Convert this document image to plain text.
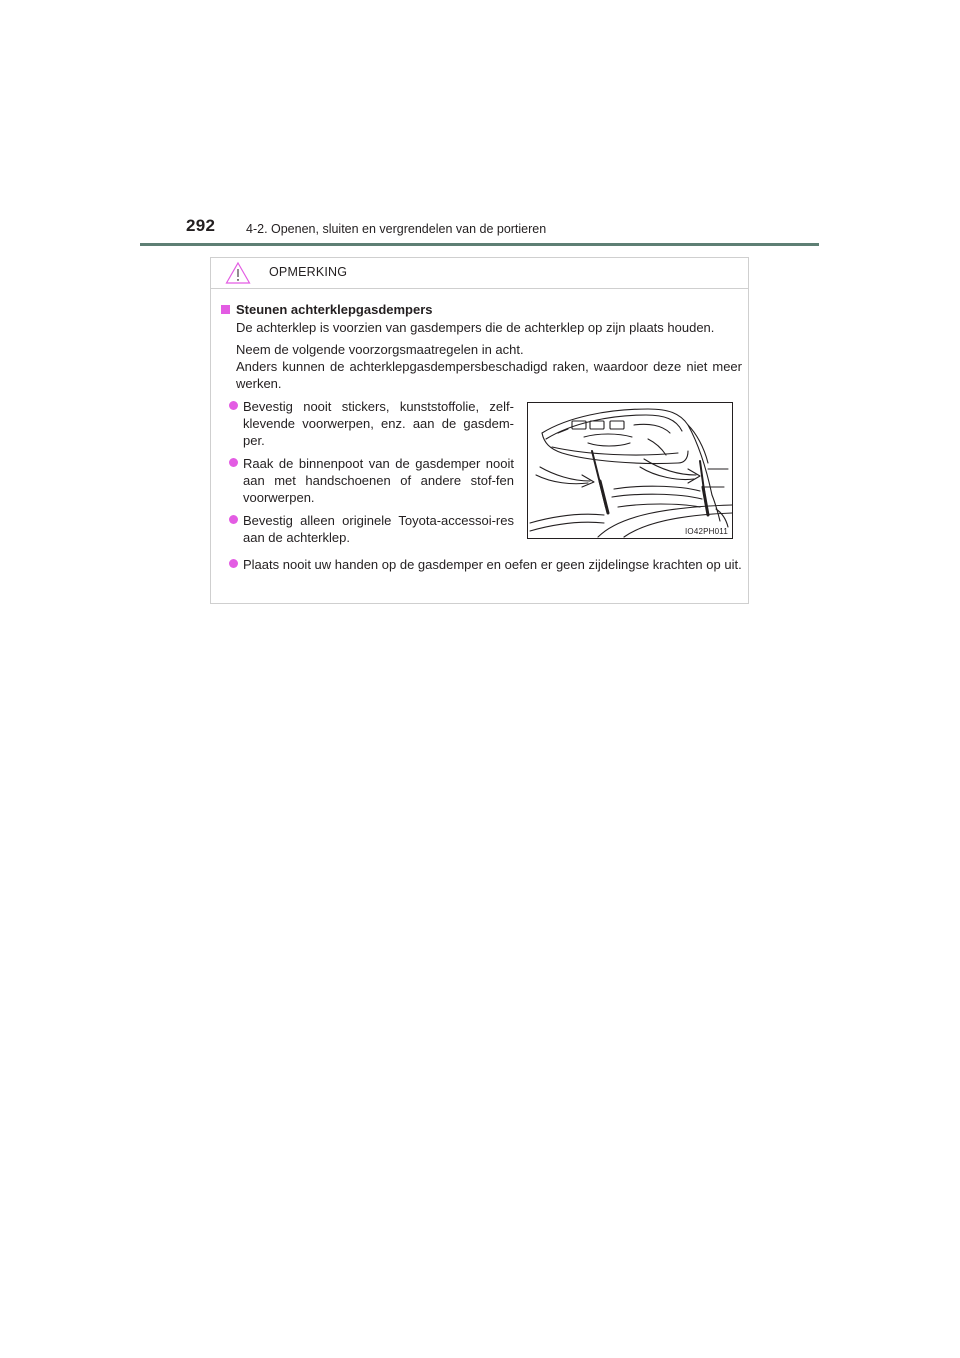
292 4-2. Openen, sluiten en vergrendelen van de portieren
OPMERKING
Steunen achterklepgasdempers
De achterklep is voorzien van gasdempers die de achterklep op zijn plaats houden.
Neem de volgende voorzorgsmaatregelen in acht.
Anders kunnen de achterklepgasdempersbeschadigd raken, waardoor deze niet meer werken.
Bevestig nooit stickers, kunststoffolie, zelf-klevende voorwerpen, enz. aan de gasdem-per.
Raak de binnenpoot van de gasdemper nooit aan met handschoenen of andere stof-fen voorwerpen.
Bevestig alleen originele Toyota-accessoi-res aan de achterklep.	IO42PH011
Plaats nooit uw handen op de gasdemper en oefen er geen zijdelingse krachten op uit.
